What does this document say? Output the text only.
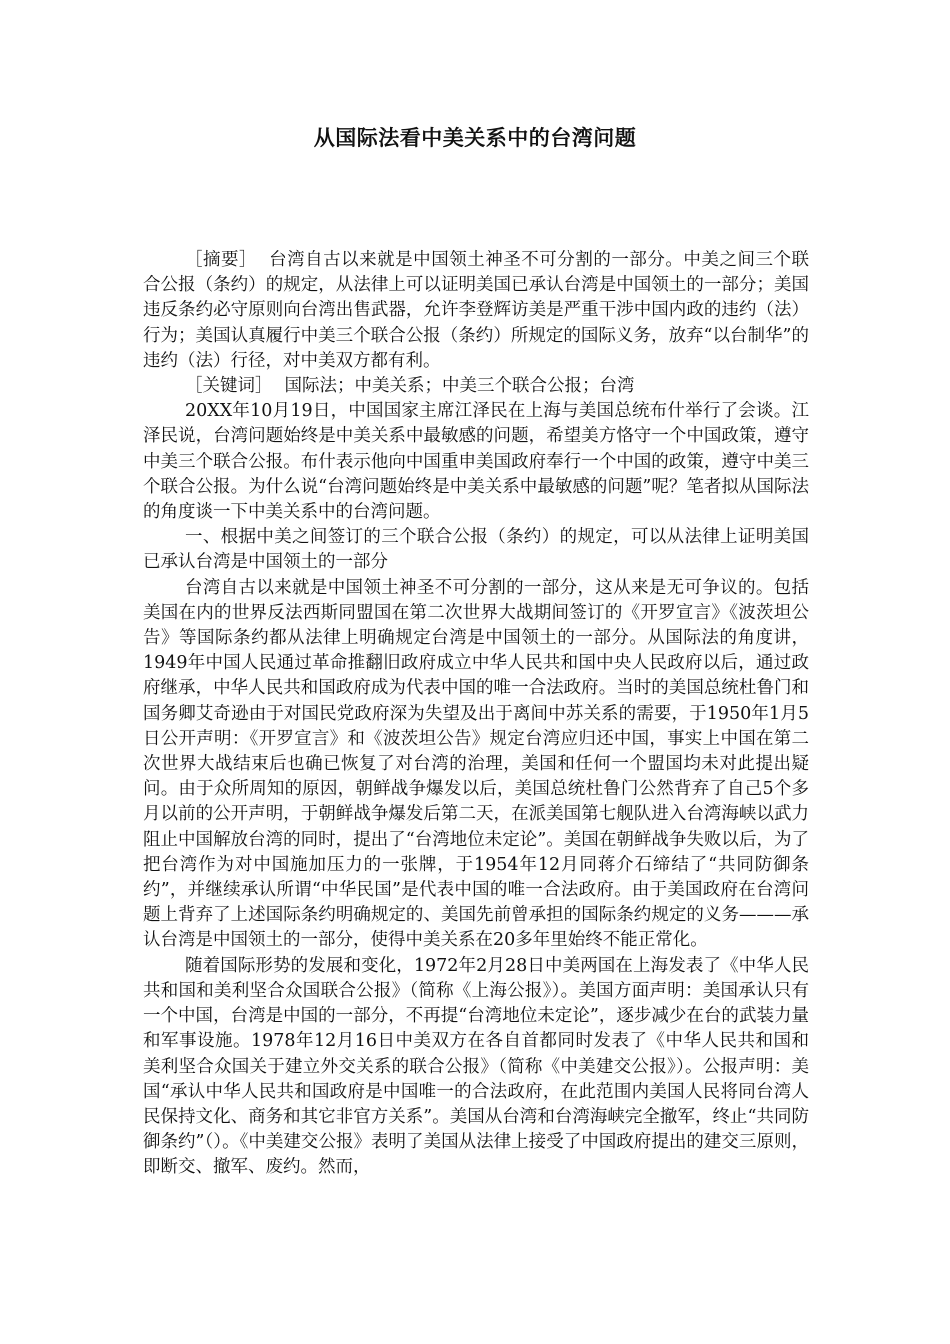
从国际法看中美关系中的台湾问题

［摘要］ 台湾自古以来就是中国领土神圣不可分割的一部分。中美之间三个联合公报（条约）的规定，从法律上可以证明美国已承认台湾是中国领土的一部分；美国违反条约必守原则向台湾出售武器，允许李登辉访美是严重干涉中国内政的违约（法）行为；美国认真履行中美三个联合公报（条约）所规定的国际义务，放弃“以台制华”的违约（法）行径，对中美双方都有利。

［关键词］ 国际法；中美关系；中美三个联合公报；台湾

20XX年10月19日，中国国家主席江泽民在上海与美国总统布什举行了会谈。江泽民说，台湾问题始终是中美关系中最敏感的问题，希望美方恪守一个中国政策，遵守中美三个联合公报。布什表示他向中国重申美国政府奉行一个中国的政策，遵守中美三个联合公报。为什么说“台湾问题始终是中美关系中最敏感的问题”呢？笔者拟从国际法的角度谈一下中美关系中的台湾问题。

一、根据中美之间签订的三个联合公报（条约）的规定，可以从法律上证明美国已承认台湾是中国领土的一部分

台湾自古以来就是中国领土神圣不可分割的一部分，这从来是无可争议的。包括美国在内的世界反法西斯同盟国在第二次世界大战期间签订的《开罗宣言》《波茨坦公告》等国际条约都从法律上明确规定台湾是中国领土的一部分。从国际法的角度讲，1949年中国人民通过革命推翻旧政府成立中华人民共和国中央人民政府以后，通过政府继承，中华人民共和国政府成为代表中国的唯一合法政府。当时的美国总统杜鲁门和国务卿艾奇逊由于对国民党政府深为失望及出于离间中苏关系的需要，于1950年1月5日公开声明：《开罗宣言》和《波茨坦公告》规定台湾应归还中国，事实上中国在第二次世界大战结束后也确已恢复了对台湾的治理，美国和任何一个盟国均未对此提出疑问。由于众所周知的原因，朝鲜战争爆发以后，美国总统杜鲁门公然背弃了自己5个多月以前的公开声明，于朝鲜战争爆发后第二天，在派美国第七舰队进入台湾海峡以武力阻止中国解放台湾的同时，提出了“台湾地位未定论”。美国在朝鲜战争失败以后，为了把台湾作为对中国施加压力的一张牌，于1954年12月同蒋介石缔结了“共同防御条约”，并继续承认所谓“中华民国”是代表中国的唯一合法政府。由于美国政府在台湾问题上背弃了上述国际条约明确规定的、美国先前曾承担的国际条约规定的义务———承认台湾是中国领土的一部分，使得中美关系在20多年里始终不能正常化。

随着国际形势的发展和变化，1972年2月28日中美两国在上海发表了《中华人民共和国和美利坚合众国联合公报》（简称《上海公报》）。美国方面声明：美国承认只有一个中国，台湾是中国的一部分，不再提“台湾地位未定论”，逐步减少在台的武装力量和军事设施。1978年12月16日中美双方在各自首都同时发表了《中华人民共和国和美利坚合众国关于建立外交关系的联合公报》（简称《中美建交公报》）。公报声明：美国“承认中华人民共和国政府是中国唯一的合法政府，在此范围内美国人民将同台湾人民保持文化、商务和其它非官方关系”。美国从台湾和台湾海峡完全撤军，终止“共同防御条约”（）。《中美建交公报》表明了美国从法律上接受了中国政府提出的建交三原则，即断交、撤军、废约。然而，
